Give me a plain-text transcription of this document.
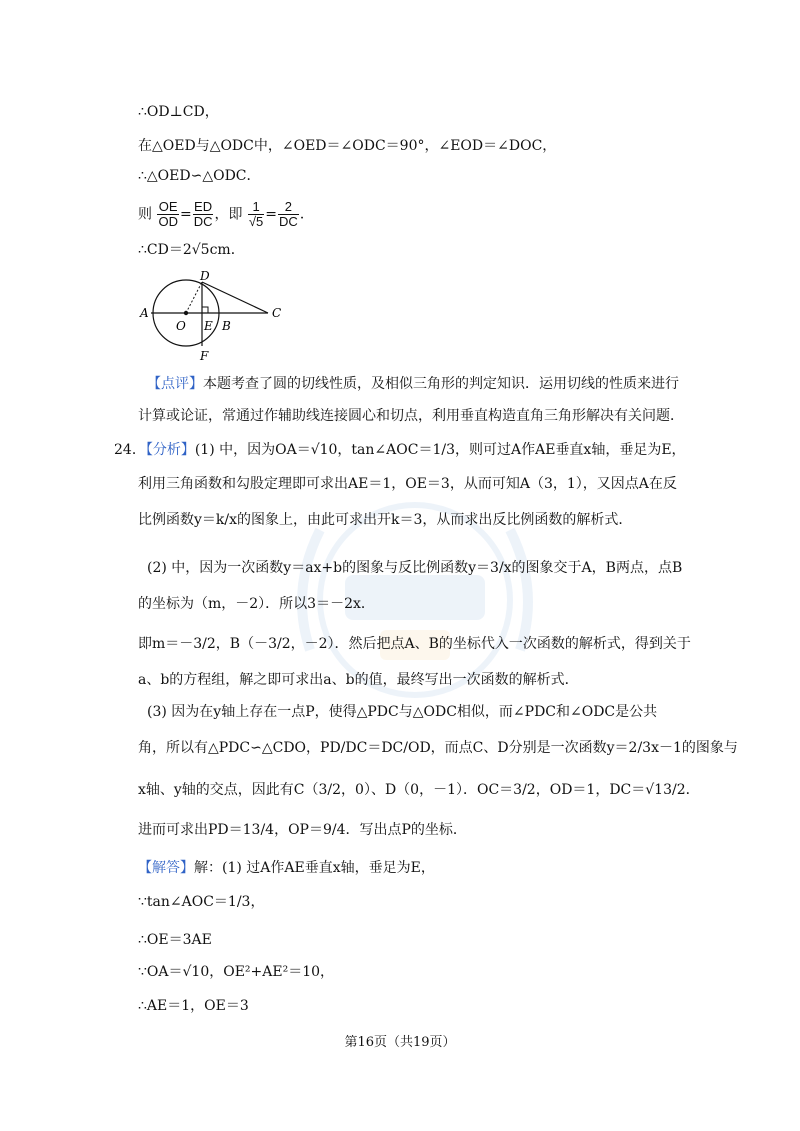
∴OD⊥CD，
在△OED与△ODC中，∠OED＝∠ODC＝90°，∠EOD＝∠DOC，
∴△OED∽△ODC．
则 $\frac{OE}{OD} = \frac{ED}{DC}$ ，即 $\frac{1}{√5} = \frac{2}{DC}$ ．
∴CD＝2√5cm．
A
O E B
C
D
F
【点评】本题考查了圆的切线性质，及相似三角形的判定知识．运用切线的性质来进行
计算或论证，常通过作辅助线连接圆心和切点，利用垂直构造直角三角形解决有关问题．
24．【分析】(1) 中，因为OA＝√10，tan∠AOC＝1/3，则可过A作AE垂直x轴，垂足为E，
利用三角函数和勾股定理即可求出AE＝1，OE＝3，从而可知A（3，1），又因点A在反
比例函数y＝k/x的图象上，由此可求出开k＝3，从而求出反比例函数的解析式．
(2) 中，因为一次函数y＝ax+b的图象与反比例函数y＝3/x的图象交于A，B两点，点B
的坐标为（m，－2）．所以3＝－2x．
即m＝－3/2，B（－3/2，－2）．然后把点A、B的坐标代入一次函数的解析式，得到关于
a、b的方程组，解之即可求出a、b的值，最终写出一次函数的解析式．
(3) 因为在y轴上存在一点P，使得△PDC与△ODC相似，而∠PDC和∠ODC是公共
角，所以有△PDC∽△CDO，PD/DC＝DC/OD，而点C、D分别是一次函数y＝2/3x－1的图象与
x轴、y轴的交点，因此有C（3/2，0）、D（0，－1）．OC＝3/2，OD＝1，DC＝√13/2．
进而可求出PD＝13/4，OP＝9/4．写出点P的坐标．
【解答】解：(1) 过A作AE垂直x轴，垂足为E，
∵tan∠AOC＝1/3，
∴OE＝3AE
∵OA＝√10，OE²+AE²＝10，
∴AE＝1，OE＝3
第16页（共19页）
